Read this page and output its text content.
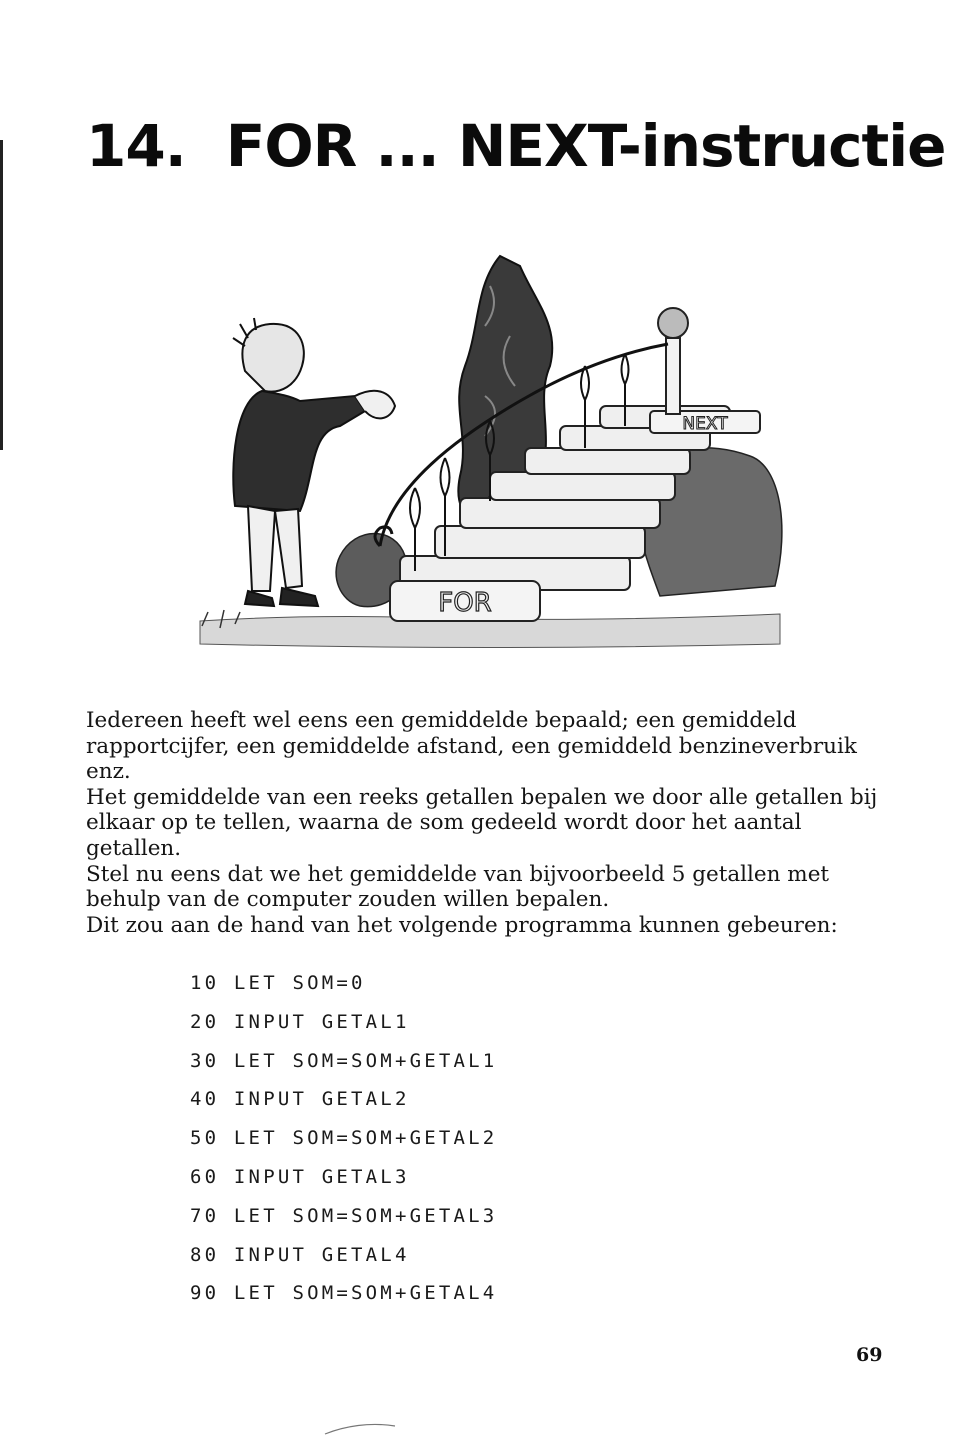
14. FOR ... NEXT-instructie
FOR
NEXT

Iedereen heeft wel eens een gemiddelde bepaald; een gemiddeld rapportcijfer, een gemiddelde afstand, een gemiddeld benzineverbruik enz.

Het gemiddelde van een reeks getallen bepalen we door alle getallen bij elkaar op te tellen, waarna de som gedeeld wordt door het aantal getallen.

Stel nu eens dat we het gemiddelde van bijvoorbeeld 5 getallen met behulp van de computer zouden willen bepalen.

Dit zou aan de hand van het volgende programma kunnen gebeuren:

10 LET SOM=0
20 INPUT GETAL1
30 LET SOM=SOM+GETAL1
40 INPUT GETAL2
50 LET SOM=SOM+GETAL2
60 INPUT GETAL3
70 LET SOM=SOM+GETAL3
80 INPUT GETAL4
90 LET SOM=SOM+GETAL4
69
